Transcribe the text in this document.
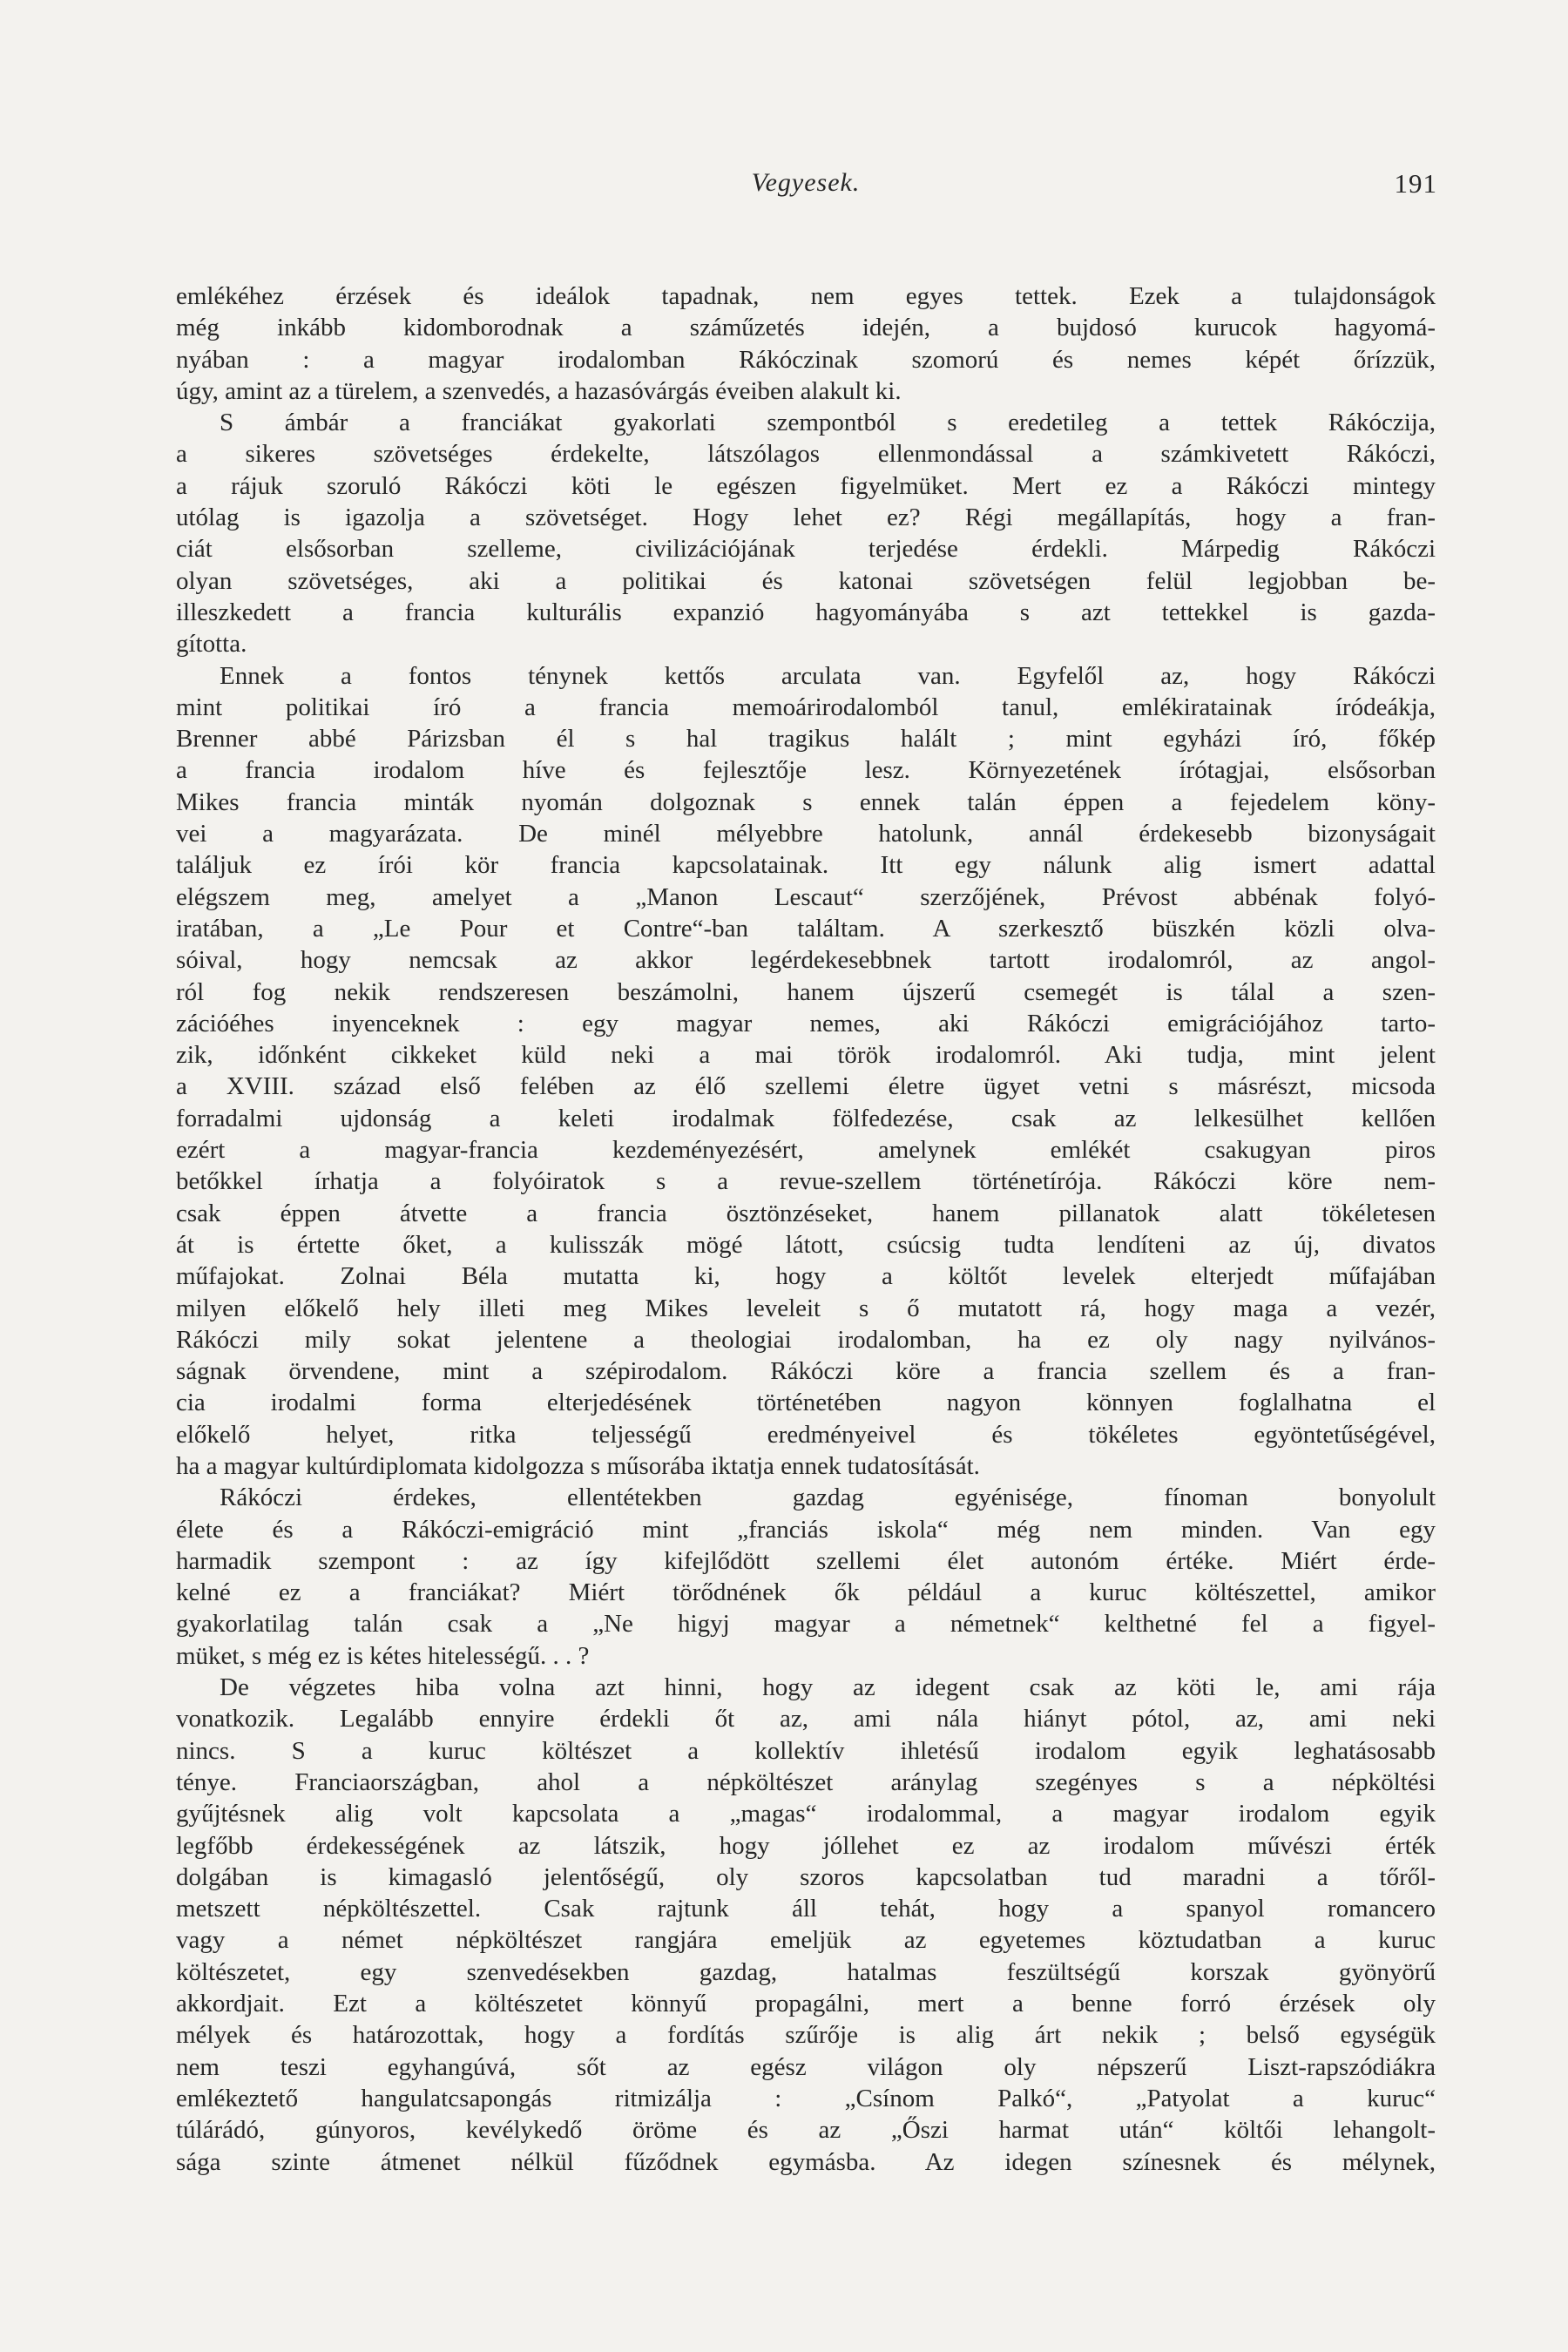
Vegyesek.	191
emlékéhez érzések és ideálok tapadnak, nem egyes tettek. Ezek a tulajdonságok
még inkább kidomborodnak a száműzetés idején, a bujdosó kurucok hagyomá-
nyában : a magyar irodalomban Rákóczinak szomorú és nemes képét őrízzük,
úgy, amint az a türelem, a szenvedés, a hazasóvárgás éveiben alakult ki.
S ámbár a franciákat gyakorlati szempontból s eredetileg a tettek Rákóczija,
a sikeres szövetséges érdekelte, látszólagos ellenmondással a számkivetett Rákóczi,
a rájuk szoruló Rákóczi köti le egészen figyelmüket. Mert ez a Rákóczi mintegy
utólag is igazolja a szövetséget. Hogy lehet ez? Régi megállapítás, hogy a fran-
ciát elsősorban szelleme, civilizációjának terjedése érdekli. Márpedig Rákóczi
olyan szövetséges, aki a politikai és katonai szövetségen felül legjobban be-
illeszkedett a francia kulturális expanzió hagyományába s azt tettekkel is gazda-
gította.
Ennek a fontos ténynek kettős arculata van. Egyfelől az, hogy Rákóczi
mint politikai író a francia memoárirodalomból tanul, emlékiratainak íródeákja,
Brenner abbé Párizsban él s hal tragikus halált ; mint egyházi író, főkép
a francia irodalom híve és fejlesztője lesz. Környezetének írótagjai, elsősorban
Mikes francia minták nyomán dolgoznak s ennek talán éppen a fejedelem köny-
vei a magyarázata. De minél mélyebbre hatolunk, annál érdekesebb bizonyságait
találjuk ez írói kör francia kapcsolatainak. Itt egy nálunk alig ismert adattal
elégszem meg, amelyet a „Manon Lescaut“ szerzőjének, Prévost abbénak folyó-
iratában, a „Le Pour et Contre“-ban találtam. A szerkesztő büszkén közli olva-
sóival, hogy nemcsak az akkor legérdekesebbnek tartott irodalomról, az angol-
ról fog nekik rendszeresen beszámolni, hanem újszerű csemegét is tálal a szen-
zációéhes inyenceknek : egy magyar nemes, aki Rákóczi emigrációjához tarto-
zik, időnként cikkeket küld neki a mai török irodalomról. Aki tudja, mint jelent
a XVIII. század első felében az élő szellemi életre ügyet vetni s másrészt, micsoda
forradalmi ujdonság a keleti irodalmak fölfedezése, csak az lelkesülhet kellően
ezért a magyar-francia kezdeményezésért, amelynek emlékét csakugyan piros
betőkkel írhatja a folyóiratok s a revue-szellem történetírója. Rákóczi köre nem-
csak éppen átvette a francia ösztönzéseket, hanem pillanatok alatt tökéletesen
át is értette őket, a kulisszák mögé látott, csúcsig tudta lendíteni az új, divatos
műfajokat. Zolnai Béla mutatta ki, hogy a költőt levelek elterjedt műfajában
milyen előkelő hely illeti meg Mikes leveleit s ő mutatott rá, hogy maga a vezér,
Rákóczi mily sokat jelentene a theologiai irodalomban, ha ez oly nagy nyilvános-
ságnak örvendene, mint a szépirodalom. Rákóczi köre a francia szellem és a fran-
cia irodalmi forma elterjedésének történetében nagyon könnyen foglalhatna el
előkelő helyet, ritka teljességű eredményeivel és tökéletes egyöntetűségével,
ha a magyar kultúrdiplomata kidolgozza s műsorába iktatja ennek tudatosítását.
Rákóczi érdekes, ellentétekben gazdag egyénisége, fínoman bonyolult
élete és a Rákóczi-emigráció mint „franciás iskola“ még nem minden. Van egy
harmadik szempont : az így kifejlődött szellemi élet autonóm értéke. Miért érde-
kelné ez a franciákat? Miért törődnének ők például a kuruc költészettel, amikor
gyakorlatilag talán csak a „Ne higyj magyar a németnek“ kelthetné fel a figyel-
müket, s még ez is kétes hitelességű. . . ?
De végzetes hiba volna azt hinni, hogy az idegent csak az köti le, ami rája
vonatkozik. Legalább ennyire érdekli őt az, ami nála hiányt pótol, az, ami neki
nincs. S a kuruc költészet a kollektív ihletésű irodalom egyik leghatásosabb
ténye. Franciaországban, ahol a népköltészet aránylag szegényes s a népköltési
gyűjtésnek alig volt kapcsolata a „magas“ irodalommal, a magyar irodalom egyik
legfőbb érdekességének az látszik, hogy jóllehet ez az irodalom művészi érték
dolgában is kimagasló jelentőségű, oly szoros kapcsolatban tud maradni a tőről-
metszett népköltészettel. Csak rajtunk áll tehát, hogy a spanyol romancero
vagy a német népköltészet rangjára emeljük az egyetemes köztudatban a kuruc
költészetet, egy szenvedésekben gazdag, hatalmas feszültségű korszak gyönyörű
akkordjait. Ezt a költészetet könnyű propagálni, mert a benne forró érzések oly
mélyek és határozottak, hogy a fordítás szűrője is alig árt nekik ; belső egységük
nem teszi egyhangúvá, sőt az egész világon oly népszerű Liszt-rapszódiákra
emlékeztető hangulatcsapongás ritmizálja : „Csínom Palkó“, „Patyolat a kuruc“
túlárádó, gúnyoros, kevélykedő öröme és az „Őszi harmat után“ költői lehangolt-
sága szinte átmenet nélkül fűződnek egymásba. Az idegen színesnek és mélynek,
